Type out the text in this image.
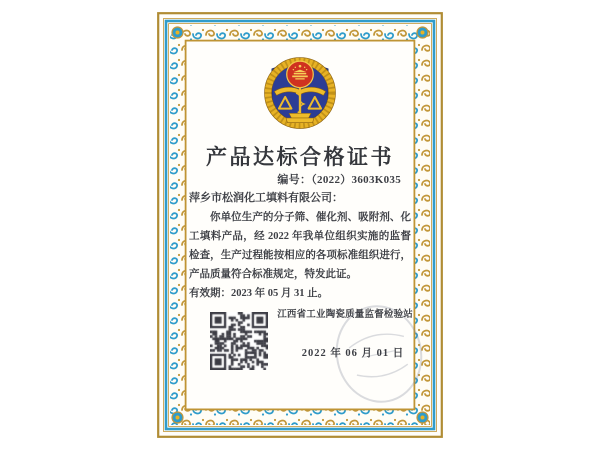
产品达标合格证书
编号：（2022）3603K035
萍乡市松润化工填料有限公司：

你单位生产的分子筛、催化剂、吸附剂、化工填料产品，经 2022 年我单位组织实施的监督检查，生产过程能按相应的各项标准组织进行，产品质量符合标准规定，特发此证。

有效期：2023 年 05 月 31 止。
江西省工业陶瓷质量监督检验站
2022 年 06 月 01 日
